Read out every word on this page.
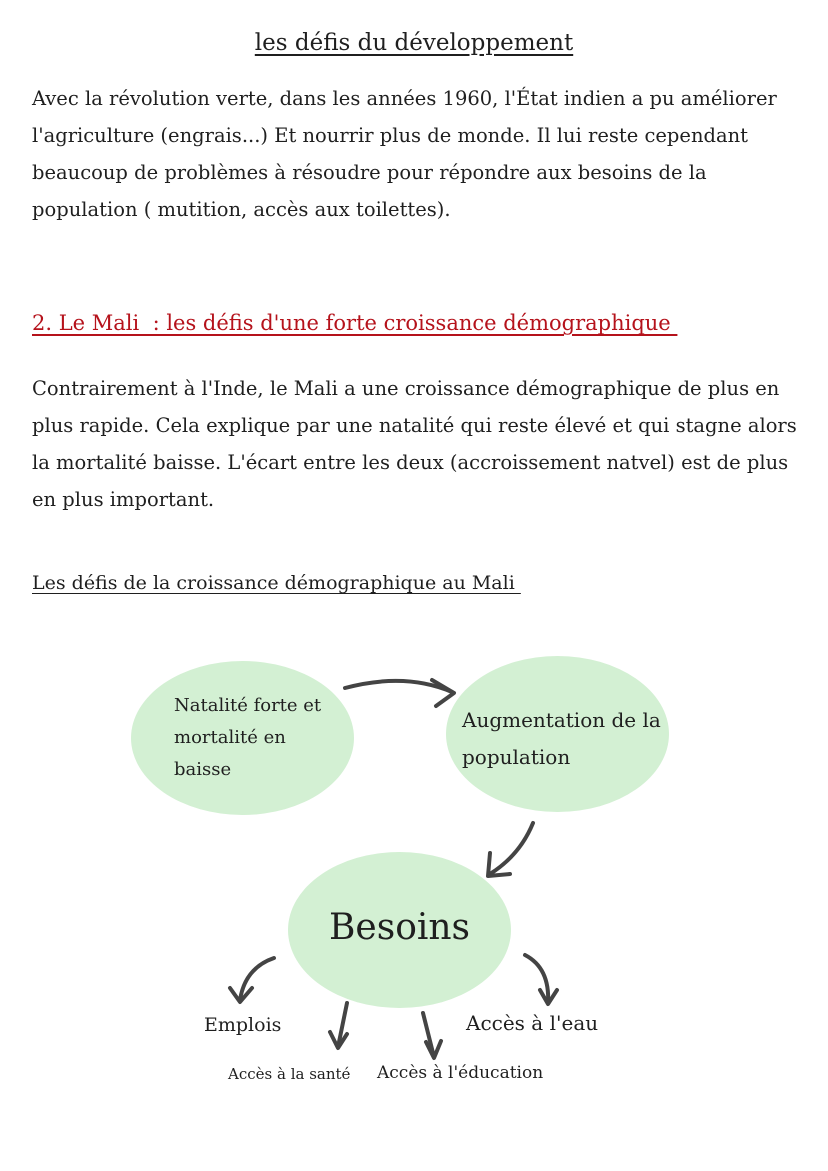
les défis du développement

Avec la révolution verte, dans les années 1960, l'État indien a pu améliorer l'agriculture (engrais...) Et nourrir plus de monde. Il lui reste cependant beaucoup de problèmes à résoudre pour répondre aux besoins de la population ( mutition, accès aux toilettes).

2. Le Mali  : les défis d'une forte croissance démographique

Contrairement à l'Inde, le Mali a une croissance démographique de plus en plus rapide. Cela explique par une natalité qui reste élevé et qui stagne alors la mortalité baisse. L'écart entre les deux (accroissement natvel) est de plus en plus important.

Les défis de la croissance démographique au Mali
Natalité forte et mortalité en baisse
Augmentation de la population
Besoins
Emplois	Accès à l'eau
Accès à la santé Accès à l'éducation
